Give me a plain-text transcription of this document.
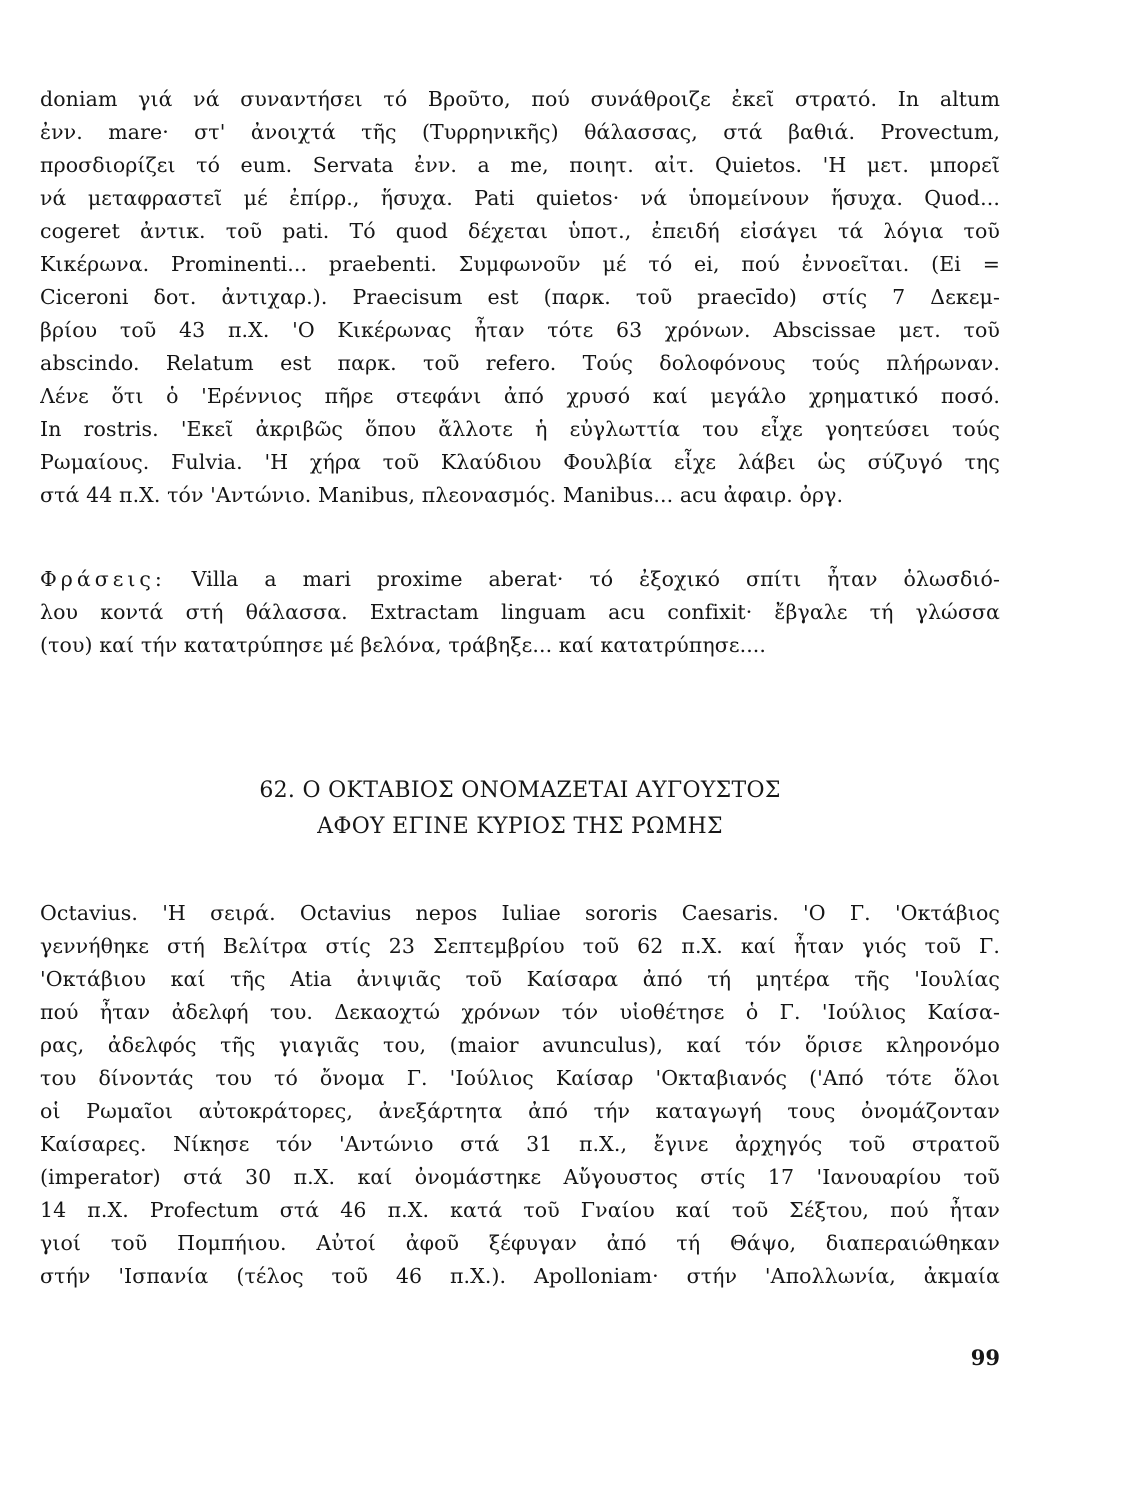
doniam γιά νά συναντήσει τό Βροῦτο, πού συνάθροιζε ἐκεῖ στρατό. In altum
ἐνν. mare· στ' ἀνοιχτά τῆς (Τυρρηνικῆς) θάλασσας, στά βαθιά. Provectum,
προσδιορίζει τό eum. Servata ἐνν. a me, ποιητ. αἰτ. Quietos. 'Η μετ. μπορεῖ
νά μεταφραστεῖ μέ ἐπίρρ., ἥσυχα. Pati quietos· νά ὑπομείνουν ἥσυχα. Quod...
cogeret ἀντικ. τοῦ pati. Τό quod δέχεται ὑποτ., ἐπειδή εἰσάγει τά λόγια τοῦ
Κικέρωνα. Prominenti... praebenti. Συμφωνοῦν μέ τό ei, πού ἐννοεῖται. (Ei =
Ciceroni δοτ. ἀντιχαρ.). Praecisum est (παρκ. τοῦ praecīdo) στίς 7 Δεκεμ-
βρίου τοῦ 43 π.Χ. 'Ο Κικέρωνας ἦταν τότε 63 χρόνων. Abscissae μετ. τοῦ
abscindo. Relatum est παρκ. τοῦ refero. Τούς δολοφόνους τούς πλήρωναν.
Λένε ὅτι ὁ 'Ερέννιος πῆρε στεφάνι ἀπό χρυσό καί μεγάλο χρηματικό ποσό.
In rostris. 'Εκεῖ ἀκριβῶς ὅπου ἄλλοτε ἡ εὐγλωττία του εἶχε γοητεύσει τούς
Ρωμαίους. Fulvia. 'Η χήρα τοῦ Κλαύδιου Φουλβία εἶχε λάβει ὡς σύζυγό της
στά 44 π.Χ. τόν 'Αντώνιο. Manibus, πλεονασμός. Manibus... acu ἀφαιρ. ὀργ.
Φράσεις: Villa a mari proxime aberat· τό ἐξοχικό σπίτι ἦταν ὁλωσδιό-
λου κοντά στή θάλασσα. Extractam linguam acu confixit· ἔβγαλε τή γλώσσα
(του) καί τήν κατατρύπησε μέ βελόνα, τράβηξε... καί κατατρύπησε....
62. Ο ΟΚΤΑΒΙΟΣ ΟΝΟΜΑΖΕΤΑΙ ΑΥΓΟΥΣΤΟΣ
ΑΦΟΥ ΕΓΙΝΕ ΚΥΡΙΟΣ ΤΗΣ ΡΩΜΗΣ
Octavius. 'Η σειρά. Octavius nepos Iuliae sororis Caesaris. 'Ο Γ. 'Οκτάβιος
γεννήθηκε στή Βελίτρα στίς 23 Σεπτεμβρίου τοῦ 62 π.Χ. καί ἦταν γιός τοῦ Γ.
'Οκτάβιου καί τῆς Atia ἀνιψιᾶς τοῦ Καίσαρα ἀπό τή μητέρα τῆς 'Ιουλίας
πού ἦταν ἀδελφή του. Δεκαοχτώ χρόνων τόν υἱοθέτησε ὁ Γ. 'Ιούλιος Καίσα-
ρας, ἀδελφός τῆς γιαγιᾶς του, (maior avunculus), καί τόν ὅρισε κληρονόμο
του δίνοντάς του τό ὄνομα Γ. 'Ιούλιος Καίσαρ 'Οκταβιανός ('Από τότε ὅλοι
οἱ Ρωμαῖοι αὐτοκράτορες, ἀνεξάρτητα ἀπό τήν καταγωγή τους ὀνομάζονταν
Καίσαρες. Νίκησε τόν 'Αντώνιο στά 31 π.Χ., ἔγινε ἀρχηγός τοῦ στρατοῦ
(imperator) στά 30 π.Χ. καί ὀνομάστηκε Αὔγουστος στίς 17 'Ιανουαρίου τοῦ
14 π.Χ. Profectum στά 46 π.Χ. κατά τοῦ Γναίου καί τοῦ Σέξτου, πού ἦταν
γιοί τοῦ Πομπήιου. Αὐτοί ἀφοῦ ξέφυγαν ἀπό τή Θάψο, διαπεραιώθηκαν
στήν 'Ισπανία (τέλος τοῦ 46 π.Χ.). Apolloniam· στήν 'Απολλωνία, ἀκμαία
99
